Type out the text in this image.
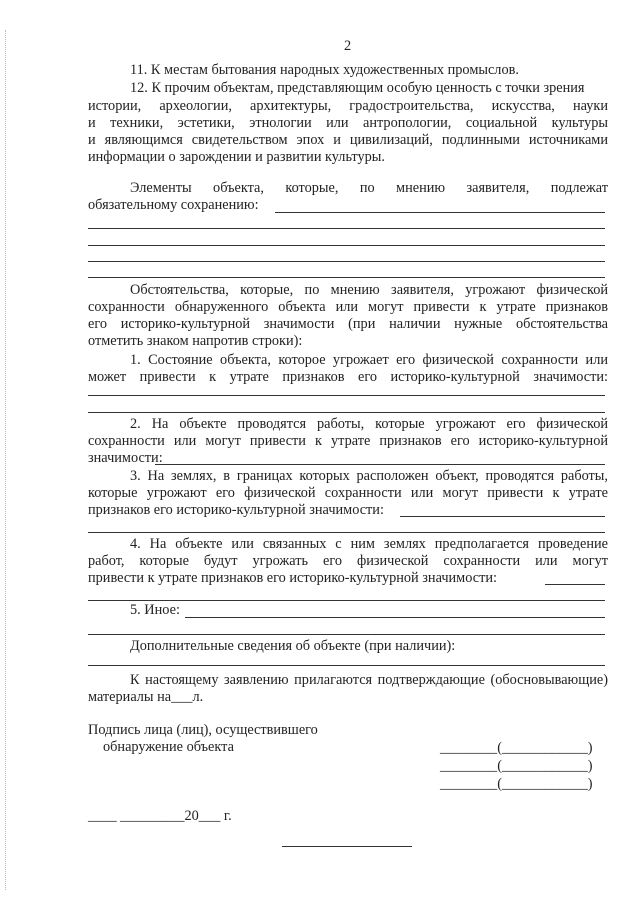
2
11. К местам бытования народных художественных промыслов.
12. К прочим объектам, представляющим особую ценность с точки зрения
истории, археологии, архитектуры, градостроительства, искусства, науки
и техники, эстетики, этнологии или антропологии, социальной культуры
и являющимся свидетельством эпох и цивилизаций, подлинными источниками
информации о зарождении и развитии культуры.
Элементы объекта, которые, по мнению заявителя, подлежат
обязательному сохранению:
Обстоятельства, которые, по мнению заявителя, угрожают физической
сохранности обнаруженного объекта или могут привести к утрате признаков
его историко-культурной значимости (при наличии нужные обстоятельства
отметить знаком напротив строки):
1. Состояние объекта, которое угрожает его физической сохранности или
может привести к утрате признаков его историко-культурной значимости:
2. На объекте проводятся работы, которые угрожают его физической
сохранности или могут привести к утрате признаков его историко-культурной
значимости:
3. На землях, в границах которых расположен объект, проводятся работы,
которые угрожают его физической сохранности или могут привести к утрате
признаков его историко-культурной значимости:
4. На объекте или связанных с ним землях предполагается проведение
работ, которые будут угрожать его физической сохранности или могут
привести к утрате признаков его историко-культурной значимости:
5. Иное:
Дополнительные сведения об объекте (при наличии):
К настоящему заявлению прилагаются подтверждающие (обосновывающие)
материалы на___л.
Подпись лица (лиц), осуществившего
обнаружение объекта	________(____________)
________(____________)
________(____________)
____ _________20___ г.
